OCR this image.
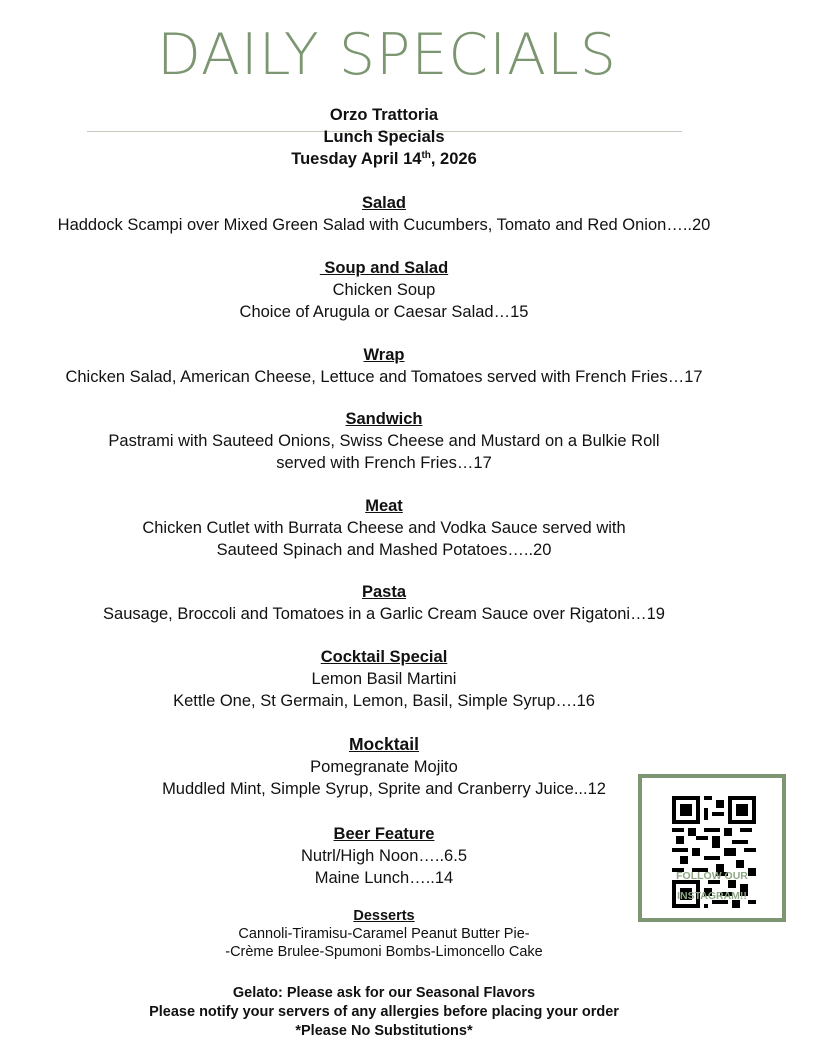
DAILY SPECIALS
Orzo Trattoria
Lunch Specials
Tuesday April 14th, 2026
Salad
Haddock Scampi over Mixed Green Salad with Cucumbers, Tomato and Red Onion…..20
Soup and Salad
Chicken Soup
Choice of Arugula or Caesar Salad…15
Wrap
Chicken Salad, American Cheese, Lettuce and Tomatoes served with French Fries…17
Sandwich
Pastrami with Sauteed Onions, Swiss Cheese and Mustard on a Bulkie Roll
served with French Fries…17
Meat
Chicken Cutlet with Burrata Cheese and Vodka Sauce served with
Sauteed Spinach and Mashed Potatoes…..20
Pasta
Sausage, Broccoli and Tomatoes in a Garlic Cream Sauce over Rigatoni…19
Cocktail Special
Lemon Basil Martini
Kettle One, St Germain, Lemon, Basil, Simple Syrup….16
Mocktail
Pomegranate Mojito
Muddled Mint, Simple Syrup, Sprite and Cranberry Juice...12
Beer Feature
Nutrl/High Noon…..6.5
Maine Lunch…..14
Desserts
Cannoli-Tiramisu-Caramel Peanut Butter Pie-
-Crème Brulee-Spumoni Bombs-Limoncello Cake
Gelato: Please ask for our Seasonal Flavors
Please notify your servers of any allergies before placing your order
*Please No Substitutions*
FOLLOW OUR
INSTAGRAM!!
